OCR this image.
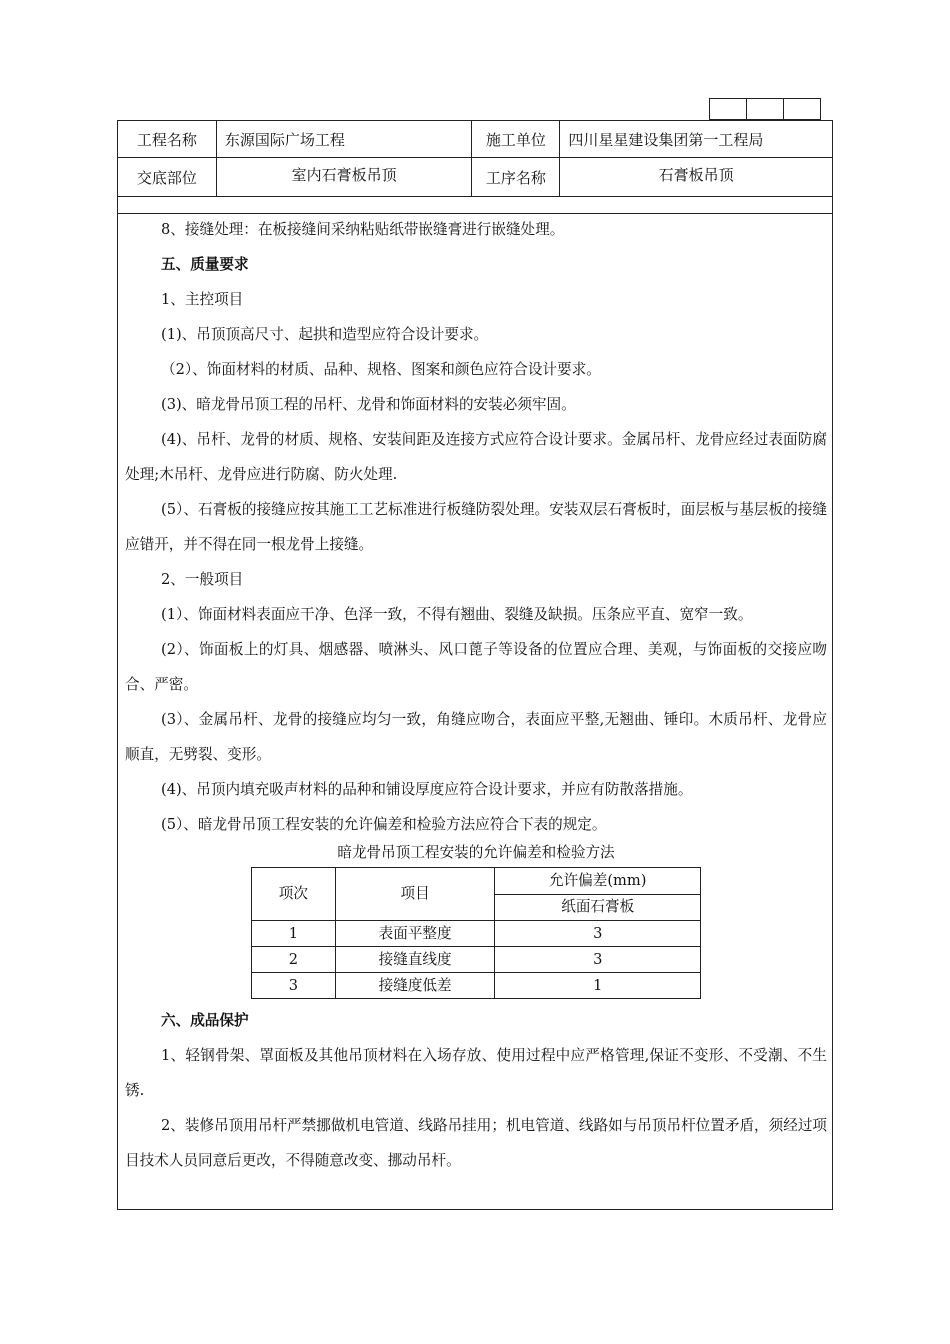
工程名称	东源国际广场工程	施工单位	四川星星建设集团第一工程局
交底部位	室内石膏板吊顶	工序名称	石膏板吊顶

8、接缝处理：在板接缝间采纳粘贴纸带嵌缝膏进行嵌缝处理。

五、质量要求

1、主控项目

(1)、吊顶顶高尺寸、起拱和造型应符合设计要求。

（2）、饰面材料的材质、品种、规格、图案和颜色应符合设计要求。

(3)、暗龙骨吊顶工程的吊杆、龙骨和饰面材料的安装必须牢固。

(4)、吊杆、龙骨的材质、规格、安装间距及连接方式应符合设计要求。金属吊杆、龙骨应经过表面防腐处理;木吊杆、龙骨应进行防腐、防火处理.

(5）、石膏板的接缝应按其施工工艺标准进行板缝防裂处理。安装双层石膏板时，面层板与基层板的接缝应错开，并不得在同一根龙骨上接缝。

2、一般项目

(1）、饰面材料表面应干净、色泽一致，不得有翘曲、裂缝及缺损。压条应平直、宽窄一致。

(2）、饰面板上的灯具、烟感器、喷淋头、风口蓖子等设备的位置应合理、美观，与饰面板的交接应吻合、严密。

(3）、金属吊杆、龙骨的接缝应均匀一致，角缝应吻合，表面应平整,无翘曲、锤印。木质吊杆、龙骨应顺直，无劈裂、变形。

(4)、吊顶内填充吸声材料的品种和铺设厚度应符合设计要求，并应有防散落措施。

(5）、暗龙骨吊顶工程安装的允许偏差和检验方法应符合下表的规定。

暗龙骨吊顶工程安装的允许偏差和检验方法
项次	项目	允许偏差(mm)
		纸面石膏板
1	表面平整度	3
2	接缝直线度	3
3	接缝度低差	1

六、成品保护

1、轻钢骨架、罩面板及其他吊顶材料在入场存放、使用过程中应严格管理,保证不变形、不受潮、不生锈.

2、装修吊顶用吊杆严禁挪做机电管道、线路吊挂用；机电管道、线路如与吊顶吊杆位置矛盾，须经过项目技术人员同意后更改，不得随意改变、挪动吊杆。
